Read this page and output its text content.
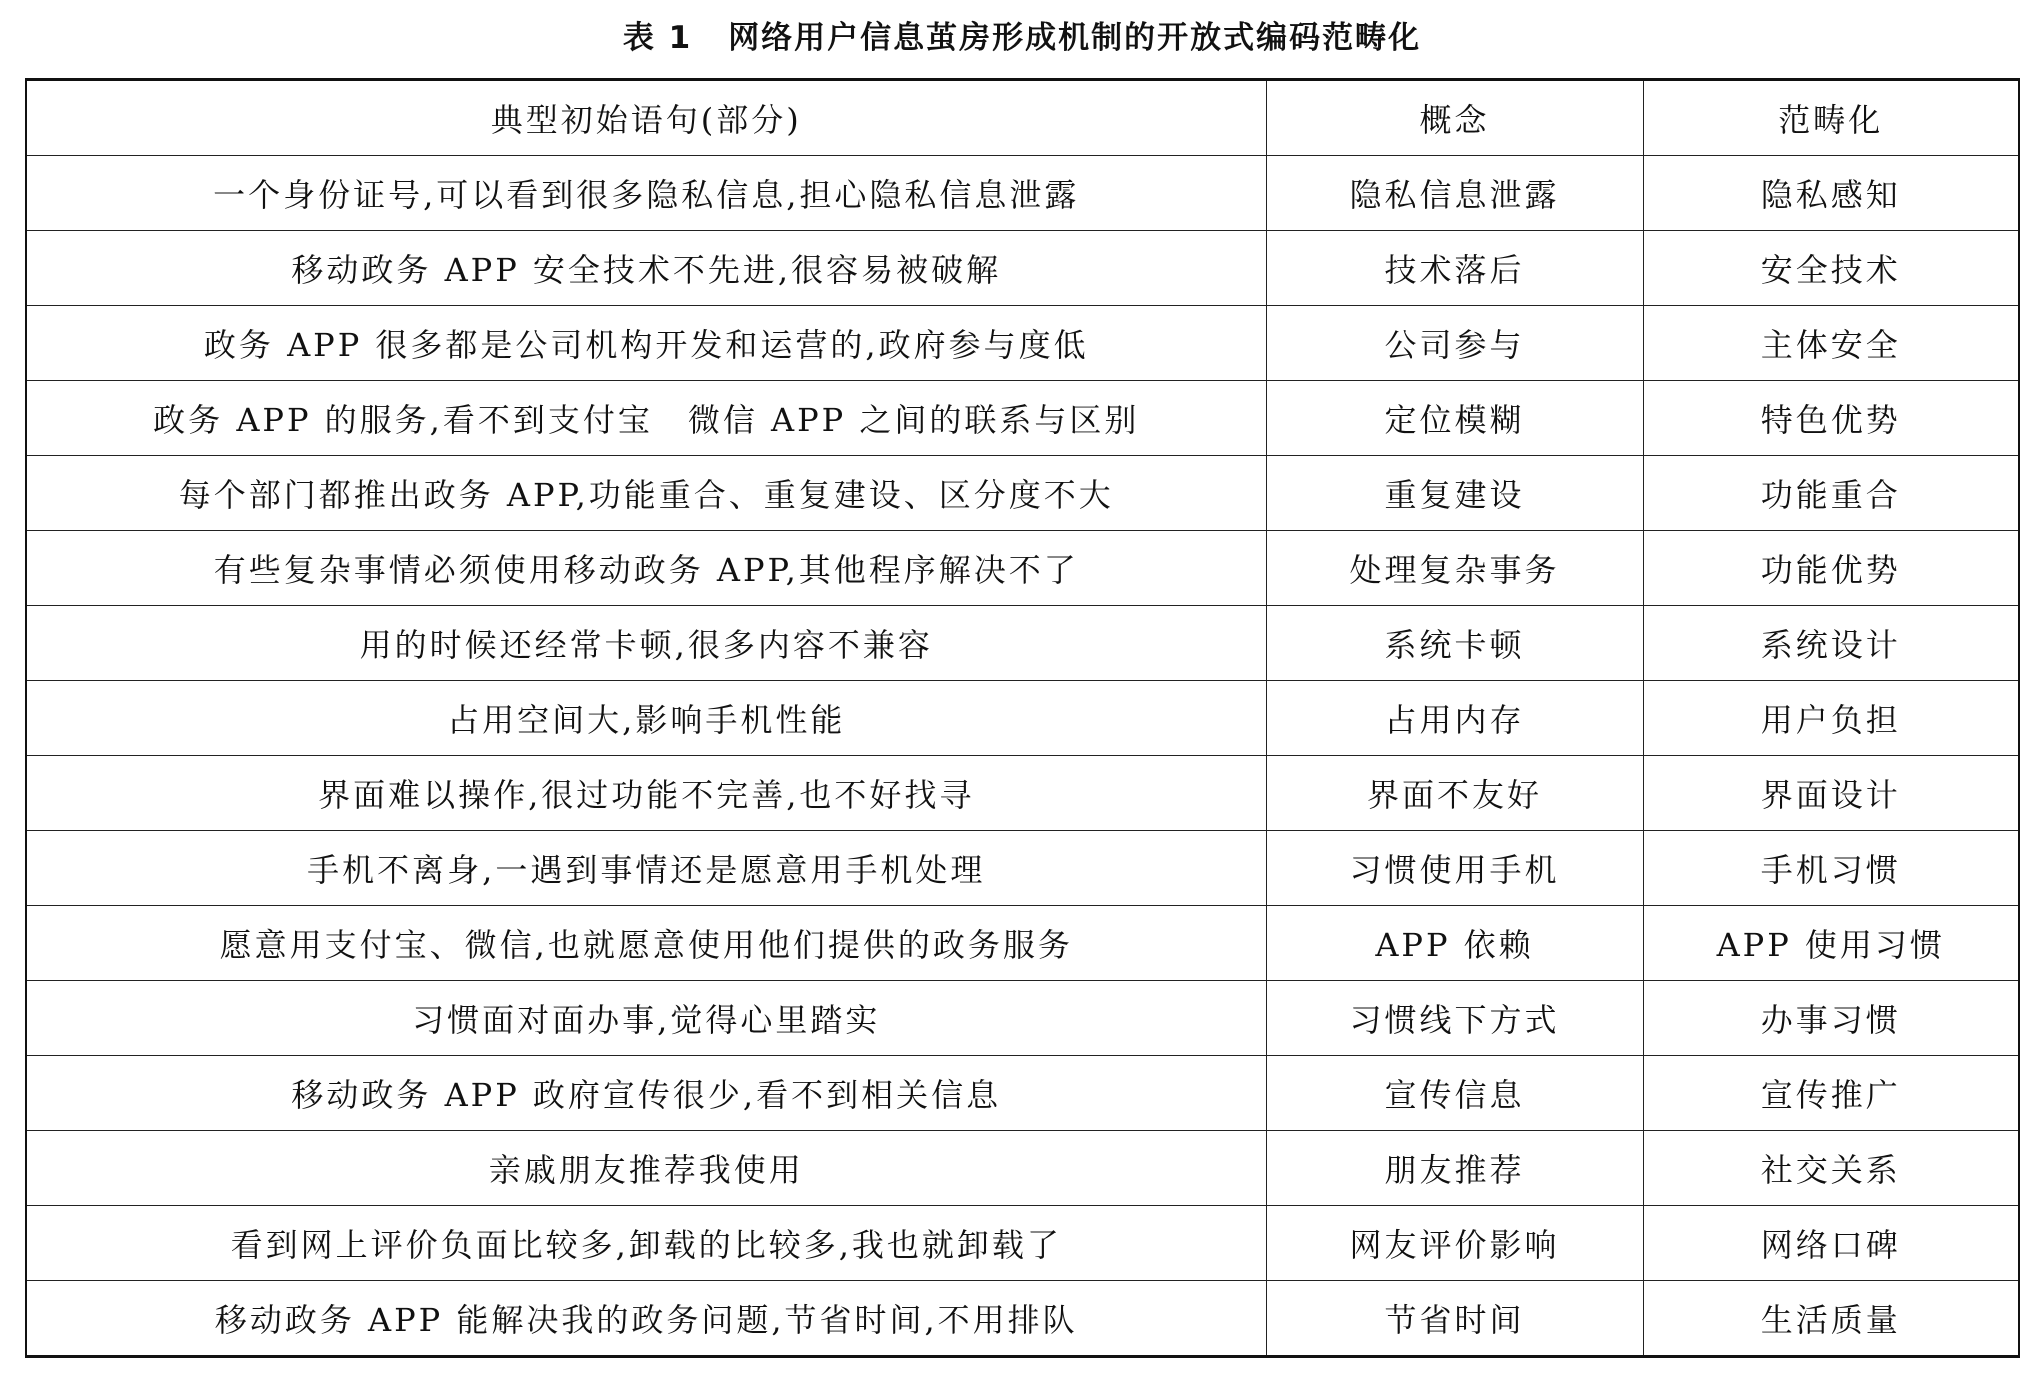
表 1 网络用户信息茧房形成机制的开放式编码范畴化
典型初始语句(部分)	概念	范畴化
一个身份证号,可以看到很多隐私信息,担心隐私信息泄露	隐私信息泄露	隐私感知
移动政务 APP 安全技术不先进,很容易被破解	技术落后	安全技术
政务 APP 很多都是公司机构开发和运营的,政府参与度低	公司参与	主体安全
政务 APP 的服务,看不到支付宝　微信 APP 之间的联系与区别	定位模糊	特色优势
每个部门都推出政务 APP,功能重合、重复建设、区分度不大	重复建设	功能重合
有些复杂事情必须使用移动政务 APP,其他程序解决不了	处理复杂事务	功能优势
用的时候还经常卡顿,很多内容不兼容	系统卡顿	系统设计
占用空间大,影响手机性能	占用内存	用户负担
界面难以操作,很过功能不完善,也不好找寻	界面不友好	界面设计
手机不离身,一遇到事情还是愿意用手机处理	习惯使用手机	手机习惯
愿意用支付宝、微信,也就愿意使用他们提供的政务服务	APP 依赖	APP 使用习惯
习惯面对面办事,觉得心里踏实	习惯线下方式	办事习惯
移动政务 APP 政府宣传很少,看不到相关信息	宣传信息	宣传推广
亲戚朋友推荐我使用	朋友推荐	社交关系
看到网上评价负面比较多,卸载的比较多,我也就卸载了	网友评价影响	网络口碑
移动政务 APP 能解决我的政务问题,节省时间,不用排队	节省时间	生活质量
